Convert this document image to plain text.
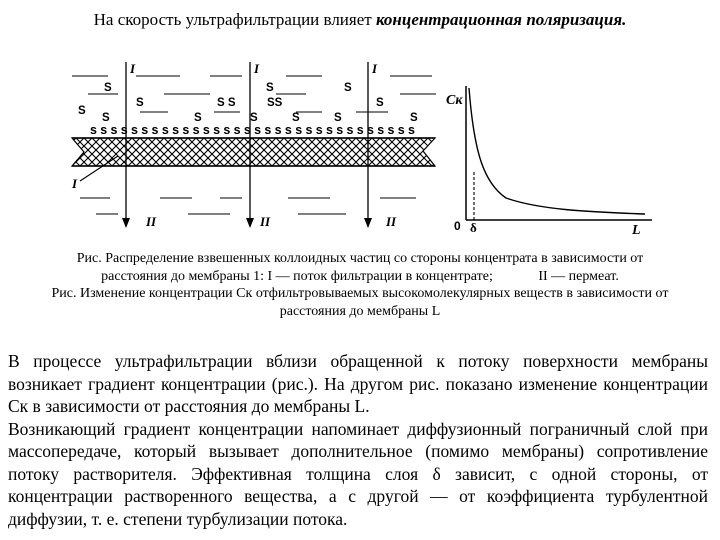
На скорость ультрафильтрации влияет концентрационная поляризация.
ssssssssssssssssssssssssssssssss
I	I	I
II	II	II
I
S	S	S
S
S S	SS	S
S
S	S	S	S	S
S
Cк
L
0 δ
Рис. Распределение взвешенных коллоидных частиц со стороны концентрата в зависимости от
расстояния до мембраны 1: I — поток фильтрации в концентрате;	II — пермеат.
Рис. Изменение концентрации Cк отфильтровываемых высокомолекулярных веществ в зависимости от
расстояния до мембраны L

В процессе ультрафильтрации вблизи обращенной к потоку поверхности мембраны возникает градиент концентрации (рис.). На другом рис. показано изменение концентрации Cк в зависимости от расстояния до мембраны L.

Возникающий градиент концентрации напоминает диффузионный пограничный слой при массопередаче, который вызывает дополнительное (помимо мембраны) сопротивление потоку растворителя. Эффективная толщина слоя δ зависит, с одной стороны, от концентрации растворенного вещества, а с другой — от коэффициента турбулентной диффузии, т. е. степени турбулизации потока.
